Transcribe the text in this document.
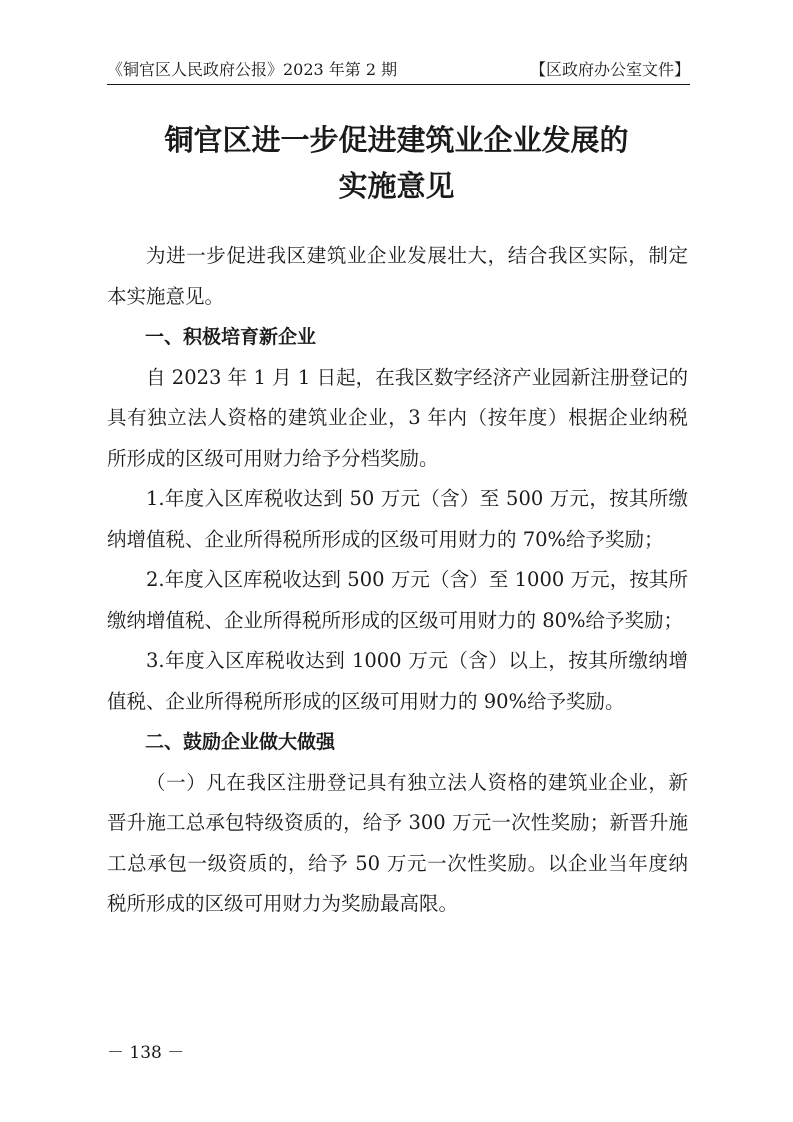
《铜官区人民政府公报》2023 年第 2 期	【区政府办公室文件】
铜官区进一步促进建筑业企业发展的
实施意见

为进一步促进我区建筑业企业发展壮大，结合我区实际，制定本实施意见。

一、积极培育新企业

自 2023 年 1 月 1 日起，在我区数字经济产业园新注册登记的具有独立法人资格的建筑业企业，3 年内（按年度）根据企业纳税所形成的区级可用财力给予分档奖励。

1.年度入区库税收达到 50 万元（含）至 500 万元，按其所缴纳增值税、企业所得税所形成的区级可用财力的 70%给予奖励；

2.年度入区库税收达到 500 万元（含）至 1000 万元，按其所缴纳增值税、企业所得税所形成的区级可用财力的 80%给予奖励；

3.年度入区库税收达到 1000 万元（含）以上，按其所缴纳增值税、企业所得税所形成的区级可用财力的 90%给予奖励。

二、鼓励企业做大做强

（一）凡在我区注册登记具有独立法人资格的建筑业企业，新晋升施工总承包特级资质的，给予 300 万元一次性奖励；新晋升施工总承包一级资质的，给予 50 万元一次性奖励。以企业当年度纳税所形成的区级可用财力为奖励最高限。

－ 138 －
